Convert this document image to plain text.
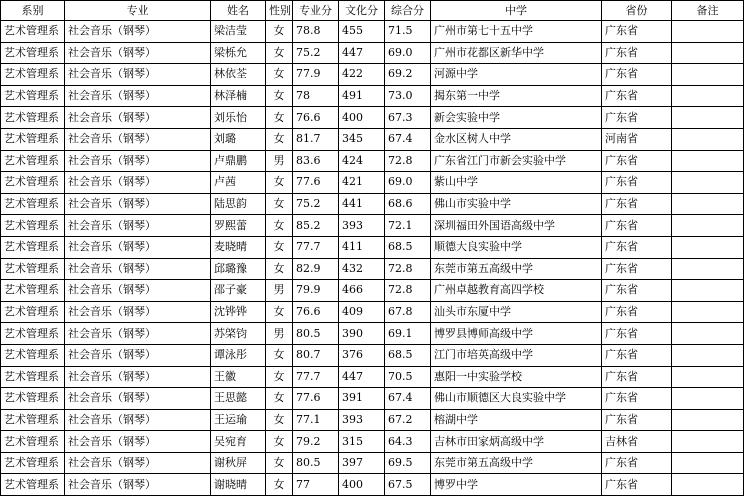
系别	专业	姓名	性别	专业分	文化分	综合分	中学	省份	备注
艺术管理系	社会音乐（钢琴）	梁洁莹	女	78.8	455	71.5	广州市第七十五中学	广东省	
艺术管理系	社会音乐（钢琴）	梁栎允	女	75.2	447	69.0	广州市花都区新华中学	广东省	
艺术管理系	社会音乐（钢琴）	林依荃	女	77.9	422	69.2	河源中学	广东省	
艺术管理系	社会音乐（钢琴）	林泽楠	女	78	491	73.0	揭东第一中学	广东省	
艺术管理系	社会音乐（钢琴）	刘乐怡	女	76.6	400	67.3	新会实验中学	广东省	
艺术管理系	社会音乐（钢琴）	刘璐	女	81.7	345	67.4	金水区树人中学	河南省	
艺术管理系	社会音乐（钢琴）	卢鼎鹏	男	83.6	424	72.8	广东省江门市新会实验中学	广东省	
艺术管理系	社会音乐（钢琴）	卢茜	女	77.6	421	69.0	紫山中学	广东省	
艺术管理系	社会音乐（钢琴）	陆思韵	女	75.2	441	68.6	佛山市实验中学	广东省	
艺术管理系	社会音乐（钢琴）	罗熙蕾	女	85.2	393	72.1	深圳福田外国语高级中学	广东省	
艺术管理系	社会音乐（钢琴）	麦晓晴	女	77.7	411	68.5	顺德大良实验中学	广东省	
艺术管理系	社会音乐（钢琴）	邱璐豫	女	82.9	432	72.8	东莞市第五高级中学	广东省	
艺术管理系	社会音乐（钢琴）	邵子豪	男	79.9	466	72.8	广州卓越教育高四学校	广东省	
艺术管理系	社会音乐（钢琴）	沈铧铧	女	76.6	409	67.8	汕头市东厦中学	广东省	
艺术管理系	社会音乐（钢琴）	苏棨钧	男	80.5	390	69.1	博罗县博师高级中学	广东省	
艺术管理系	社会音乐（钢琴）	谭泳彤	女	80.7	376	68.5	江门市培英高级中学	广东省	
艺术管理系	社会音乐（钢琴）	王徽	女	77.7	447	70.5	惠阳一中实验学校	广东省	
艺术管理系	社会音乐（钢琴）	王思懿	女	77.6	391	67.4	佛山市顺德区大良实验中学	广东省	
艺术管理系	社会音乐（钢琴）	王运瑜	女	77.1	393	67.2	榕湖中学	广东省	
艺术管理系	社会音乐（钢琴）	吴宛育	女	79.2	315	64.3	吉林市田家炳高级中学	吉林省	
艺术管理系	社会音乐（钢琴）	谢秋屏	女	80.5	397	69.5	东莞市第五高级中学	广东省	
艺术管理系	社会音乐（钢琴）	谢晓晴	女	77	400	67.5	博罗中学	广东省	
